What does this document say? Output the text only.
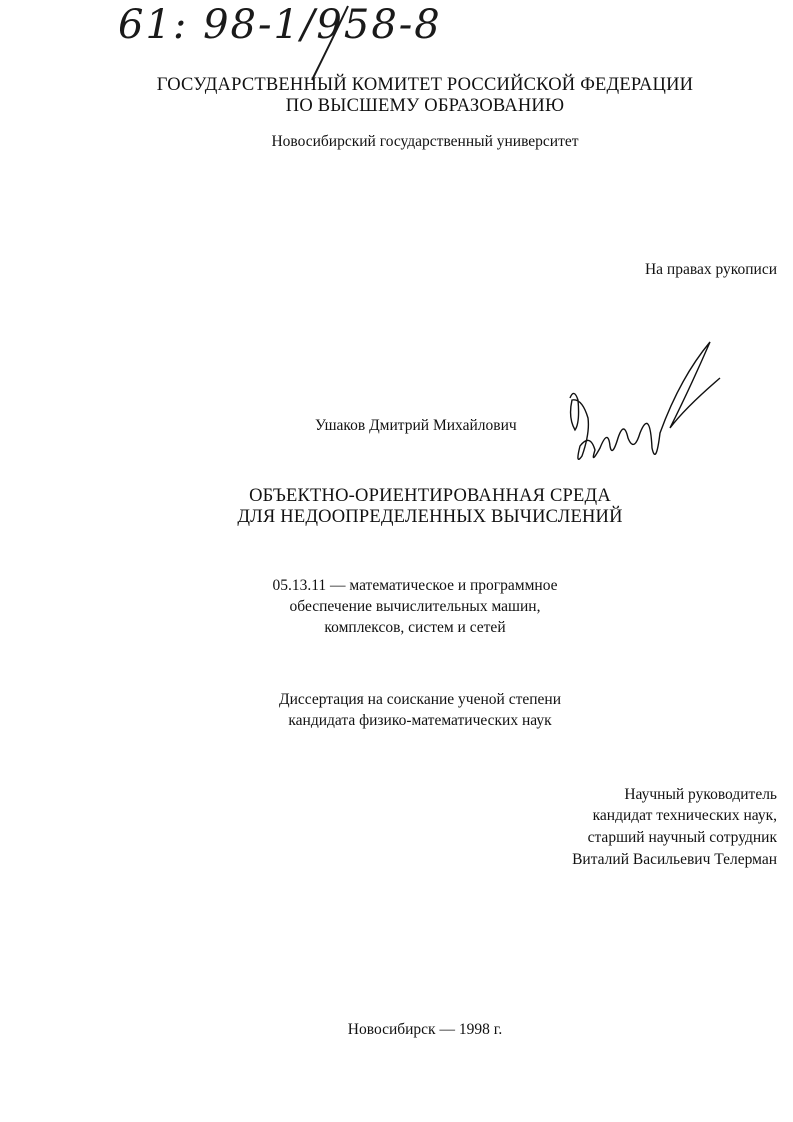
61: 98-1/958-8
ГОСУДАРСТВЕННЫЙ КОМИТЕТ РОССИЙСКОЙ ФЕДЕРАЦИИ
ПО ВЫСШЕМУ ОБРАЗОВАНИЮ
Новосибирский государственный университет
На правах рукописи
Ушаков Дмитрий Михайлович
ОБЪЕКТНО-ОРИЕНТИРОВАННАЯ СРЕДА
ДЛЯ НЕДООПРЕДЕЛЕННЫХ ВЫЧИСЛЕНИЙ
05.13.11 — математическое и программное
обеспечение вычислительных машин,
комплексов, систем и сетей
Диссертация на соискание ученой степени
кандидата физико-математических наук
Научный руководитель
кандидат технических наук,
старший научный сотрудник
Виталий Васильевич Телерман
Новосибирск — 1998 г.
